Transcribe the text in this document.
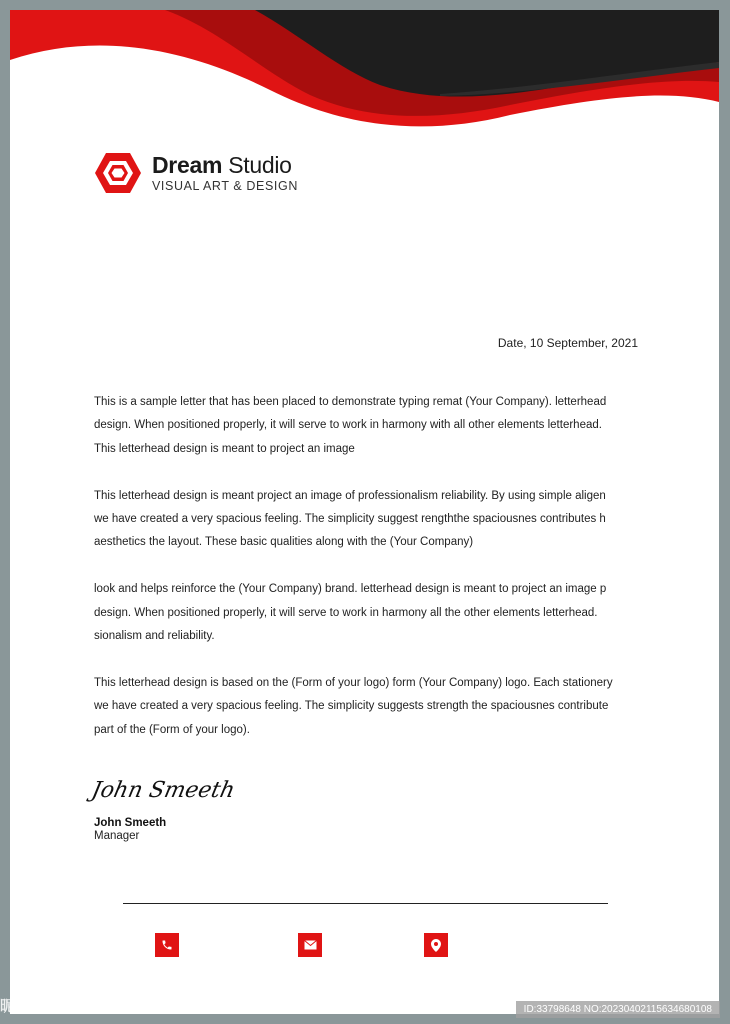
Dream Studio
VISUAL ART & DESIGN
Date, 10 September, 2021

This is a sample letter that has been placed to demonstrate typing remat (Your Company). letterhead
design. When positioned properly, it will serve to work in harmony with all other elements letterhead.
This letterhead design is meant to project an image

This letterhead design is meant project an image of professionalism reliability. By using simple aligen
we have created a very spacious feeling. The simplicity suggest rengththe spaciousnes contributes h
aesthetics the layout. These basic qualities along with the (Your Company)

look and helps reinforce the (Your Company) brand. letterhead design is meant to project an image p
design. When positioned properly, it will serve to work in harmony all the other elements letterhead.
sionalism and reliability.

This letterhead design is based on the (Form of your logo) form (Your Company) logo. Each stationery
we have created a very spacious feeling. The simplicity suggests strength the spaciousnes contribute
part of the (Form of your logo).

John Smeeth
John Smeeth
Manager
昵享网 www.nipic.cn	ID:33798648 NO:20230402115634680108
